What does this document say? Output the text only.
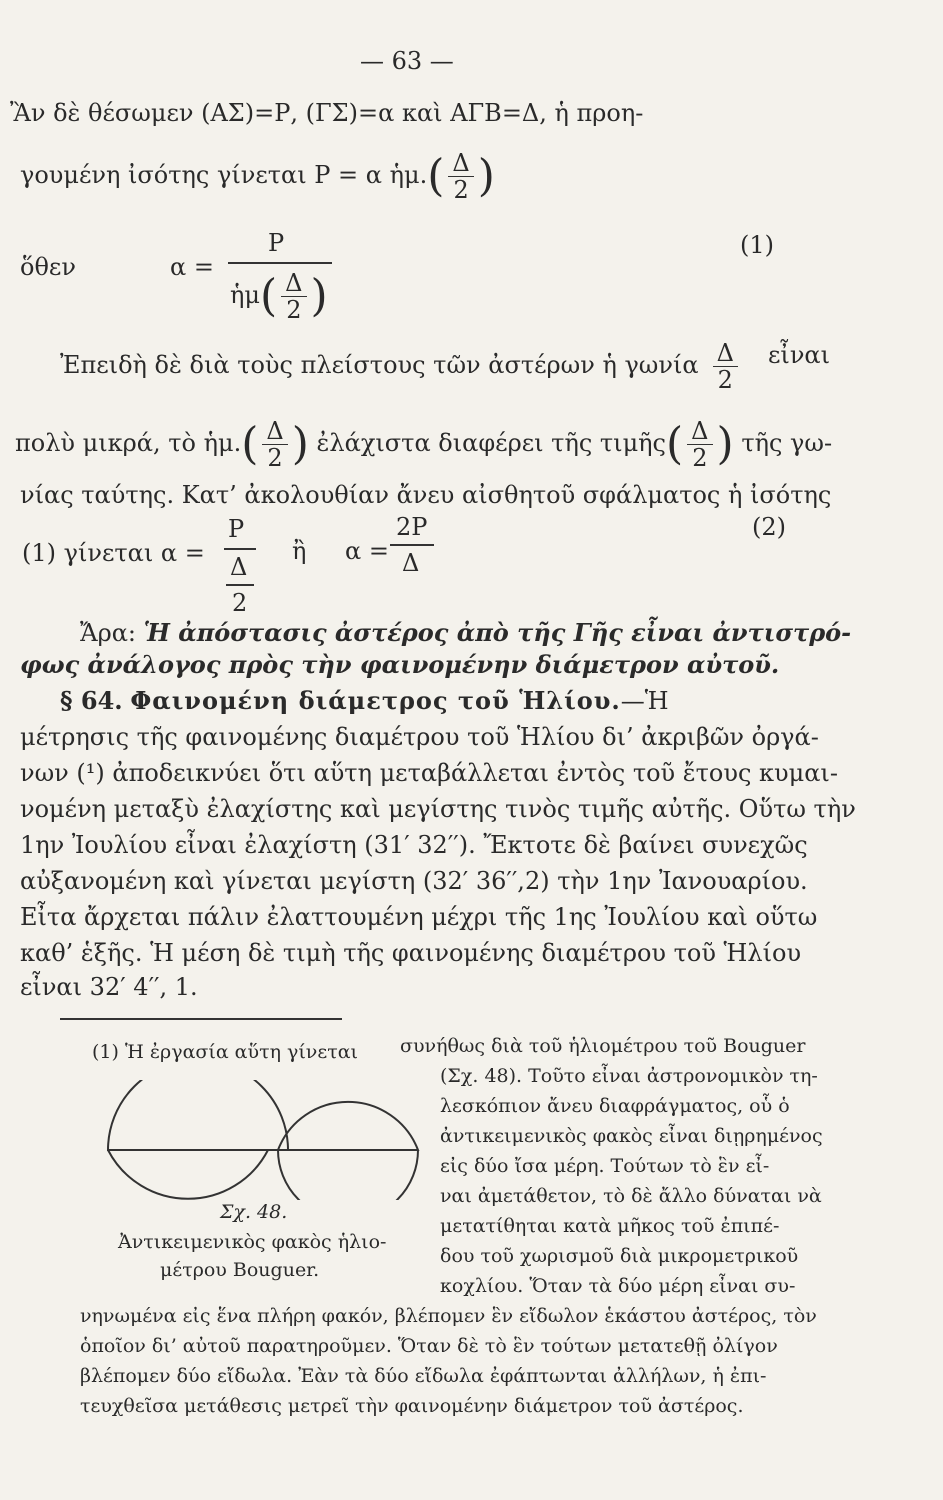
— 63 —
Ἂν δὲ θέσωμεν (ΑΣ)=Ρ, (ΓΣ)=α καὶ ΑΓΒ=Δ, ἡ προη-
γουμένη ἰσότης γίνεται Ρ = α ἡμ.( $\frac{\Delta}{2}$ )
ὅθεν	α =
Ρ
ἡμ( $\frac{\Delta}{2}$ )
(1)
Ἐπειδὴ δὲ διὰ τοὺς πλείστους τῶν ἀστέρων ἡ γωνία $\frac{\Delta}{2}$ εἶναι
πολὺ μικρά, τὸ ἡμ.( $\frac{\Delta}{2}$ ) ἐλάχιστα διαφέρει τῆς τιμῆς( $\frac{\Delta}{2}$ ) τῆς γω-
νίας ταύτης. Κατ’ ἀκολουθίαν ἄνευ αἰσθητοῦ σφάλματος ἡ ἰσότης
(1) γίνεται α =
Ρ
Δ
2
ἢ α =
2Ρ
Δ
(2)
Ἄρα: Ἡ ἀπόστασις ἀστέρος ἀπὸ τῆς Γῆς εἶναι ἀντιστρό-
φως ἀνάλογος πρὸς τὴν φαινομένην διάμετρον αὐτοῦ.
§ 64. Φαινομένη διάμετρος τοῦ Ἡλίου.—Ἡ
μέτρησις τῆς φαινομένης διαμέτρου τοῦ Ἡλίου δι’ ἀκριβῶν ὀργά-
νων (¹) ἀποδεικνύει ὅτι αὕτη μεταβάλλεται ἐντὸς τοῦ ἔτους κυμαι-
νομένη μεταξὺ ἐλαχίστης καὶ μεγίστης τινὸς τιμῆς αὐτῆς. Οὕτω τὴν
1ην Ἰουλίου εἶναι ἐλαχίστη (31′ 32′′). Ἔκτοτε δὲ βαίνει συνεχῶς
αὐξανομένη καὶ γίνεται μεγίστη (32′ 36′′,2) τὴν 1ην Ἰανουαρίου.
Εἶτα ἄρχεται πάλιν ἐλαττουμένη μέχρι τῆς 1ης Ἰουλίου καὶ οὕτω
καθ’ ἑξῆς. Ἡ μέση δὲ τιμὴ τῆς φαινομένης διαμέτρου τοῦ Ἡλίου
εἶναι 32′ 4′′, 1.
(1) Ἡ ἐργασία αὕτη γίνεται συνήθως διὰ τοῦ ἡλιομέτρου τοῦ Bouguer
(Σχ. 48). Τοῦτο εἶναι ἀστρονομικὸν τη-
λεσκόπιον ἄνευ διαφράγματος, οὗ ὁ
ἀντικειμενικὸς φακὸς εἶναι διῃρημένος
εἰς δύο ἴσα μέρη. Τούτων τὸ ἓν εἶ-
ναι ἀμετάθετον, τὸ δὲ ἄλλο δύναται νὰ
μετατίθηται κατὰ μῆκος τοῦ ἐπιπέ-
δου τοῦ χωρισμοῦ διὰ μικρομετρικοῦ
κοχλίου. Ὅταν τὰ δύο μέρη εἶναι συ-
νηνωμένα εἰς ἕνα πλήρη φακόν, βλέπομεν ἓν εἴδωλον ἑκάστου ἀστέρος, τὸν
ὁποῖον δι’ αὐτοῦ παρατηροῦμεν. Ὅταν δὲ τὸ ἓν τούτων μετατεθῇ ὀλίγον
βλέπομεν δύο εἴδωλα. Ἐὰν τὰ δύο εἴδωλα ἐφάπτωνται ἀλλήλων, ἡ ἐπι-
τευχθεῖσα μετάθεσις μετρεῖ τὴν φαινομένην διάμετρον τοῦ ἀστέρος.
Σχ. 48.
Ἀντικειμενικὸς φακὸς ἡλιο-
μέτρου Bouguer.
